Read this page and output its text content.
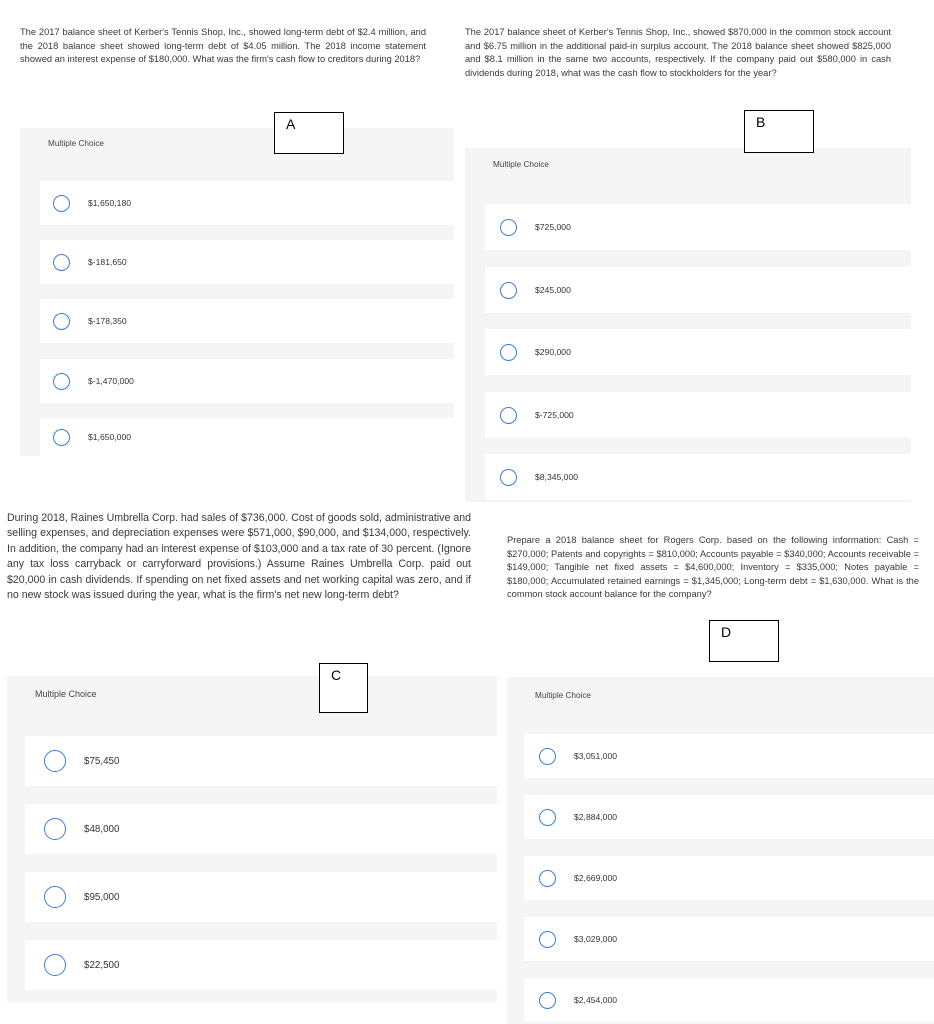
The 2017 balance sheet of Kerber's Tennis Shop, Inc., showed long-term debt of $2.4 million, and the 2018 balance sheet showed long-term debt of $4.05 million. The 2018 income statement showed an interest expense of $180,000. What was the firm's cash flow to creditors during 2018?

Multiple Choice
$1,650,180
$-181,650
$-178,350
$-1,470,000
$1,650,000
A

The 2017 balance sheet of Kerber's Tennis Shop, Inc., showed $870,000 in the common stock account and $6.75 million in the additional paid-in surplus account. The 2018 balance sheet showed $825,000 and $8.1 million in the same two accounts, respectively. If the company paid out $580,000 in cash dividends during 2018, what was the cash flow to stockholders for the year?

Multiple Choice
$725,000
$245,000
$290,000
$-725,000
$8,345,000
B

During 2018, Raines Umbrella Corp. had sales of $736,000. Cost of goods sold, administrative and selling expenses, and depreciation expenses were $571,000, $90,000, and $134,000, respectively. In addition, the company had an interest expense of $103,000 and a tax rate of 30 percent. (Ignore any tax loss carryback or carryforward provisions.) Assume Raines Umbrella Corp. paid out $20,000 in cash dividends. If spending on net fixed assets and net working capital was zero, and if no new stock was issued during the year, what is the firm's net new long-term debt?

Multiple Choice
$75,450
$48,000
$95,000
$22,500
C

Prepare a 2018 balance sheet for Rogers Corp. based on the following information: Cash = $270,000; Patents and copyrights = $810,000; Accounts payable = $340,000; Accounts receivable = $149,000; Tangible net fixed assets = $4,600,000; Inventory = $335,000; Notes payable = $180,000; Accumulated retained earnings = $1,345,000; Long-term debt = $1,630,000. What is the common stock account balance for the company?

Multiple Choice
$3,051,000
$2,884,000
$2,669,000
$3,029,000
$2,454,000
D
